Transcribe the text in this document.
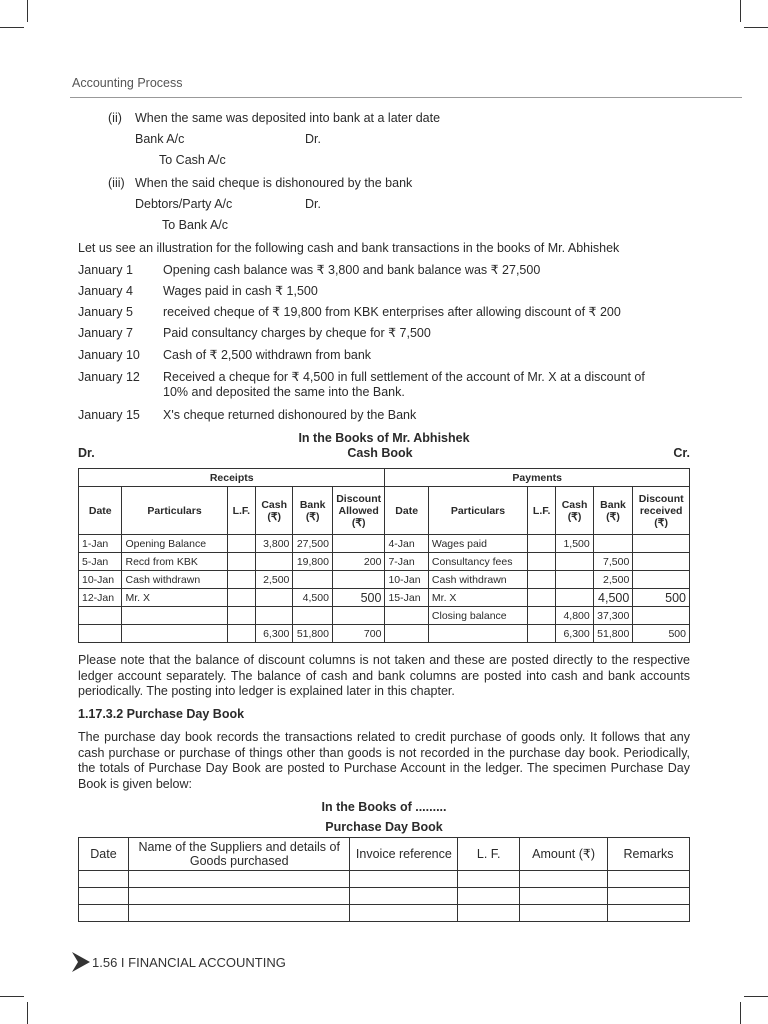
Accounting Process
(ii) When the same was deposited into bank at a later date
Bank A/c	Dr.
To Cash A/c
(iii) When the said cheque is dishonoured by the bank
Debtors/Party A/c	Dr.
To Bank A/c
Let us see an illustration for the following cash and bank transactions in the books of Mr. Abhishek
January 1 Opening cash balance was ₹ 3,800 and bank balance was ₹ 27,500
January 4 Wages paid in cash ₹ 1,500
January 5 received cheque of ₹ 19,800 from KBK enterprises after allowing discount of ₹ 200
January 7 Paid consultancy charges by cheque for ₹ 7,500
January 10 Cash of ₹ 2,500 withdrawn from bank
January 12 Received a cheque for ₹ 4,500 in full settlement of the account of Mr. X at a discount of
10% and deposited the same into the Bank.
January 15 X's cheque returned dishonoured by the Bank
In the Books of Mr. Abhishek
Dr.	Cash Book	Cr.
Receipts						Payments					
Date	Particulars	L.F.	Cash (₹)	Bank (₹)	Discount Allowed (₹)	Date	Particulars	L.F.	Cash (₹)	Bank (₹)	Discount received (₹)
1-Jan	Opening Balance		3,800	27,500		4-Jan	Wages paid		1,500		
5-Jan	Recd from KBK			19,800	200	7-Jan	Consultancy fees			7,500	
10-Jan	Cash withdrawn		2,500			10-Jan	Cash withdrawn			2,500	
12-Jan	Mr. X			4,500	500	15-Jan	Mr. X			4,500	500
							Closing balance		4,800	37,300	
			6,300	51,800	700				6,300	51,800	500
Please note that the balance of discount columns is not taken and these are posted directly to the respective ledger account separately. The balance of cash and bank columns are posted into cash and bank accounts periodically. The posting into ledger is explained later in this chapter.
1.17.3.2 Purchase Day Book
The purchase day book records the transactions related to credit purchase of goods only. It follows that any cash purchase or purchase of things other than goods is not recorded in the purchase day book. Periodically, the totals of Purchase Day Book are posted to Purchase Account in the ledger. The specimen Purchase Day Book is given below:
In the Books of .........
Purchase Day Book
Date	Name of the Suppliers and details of Goods purchased	Invoice reference	L. F.	Amount (₹)	Remarks

1.56 I FINANCIAL ACCOUNTING
